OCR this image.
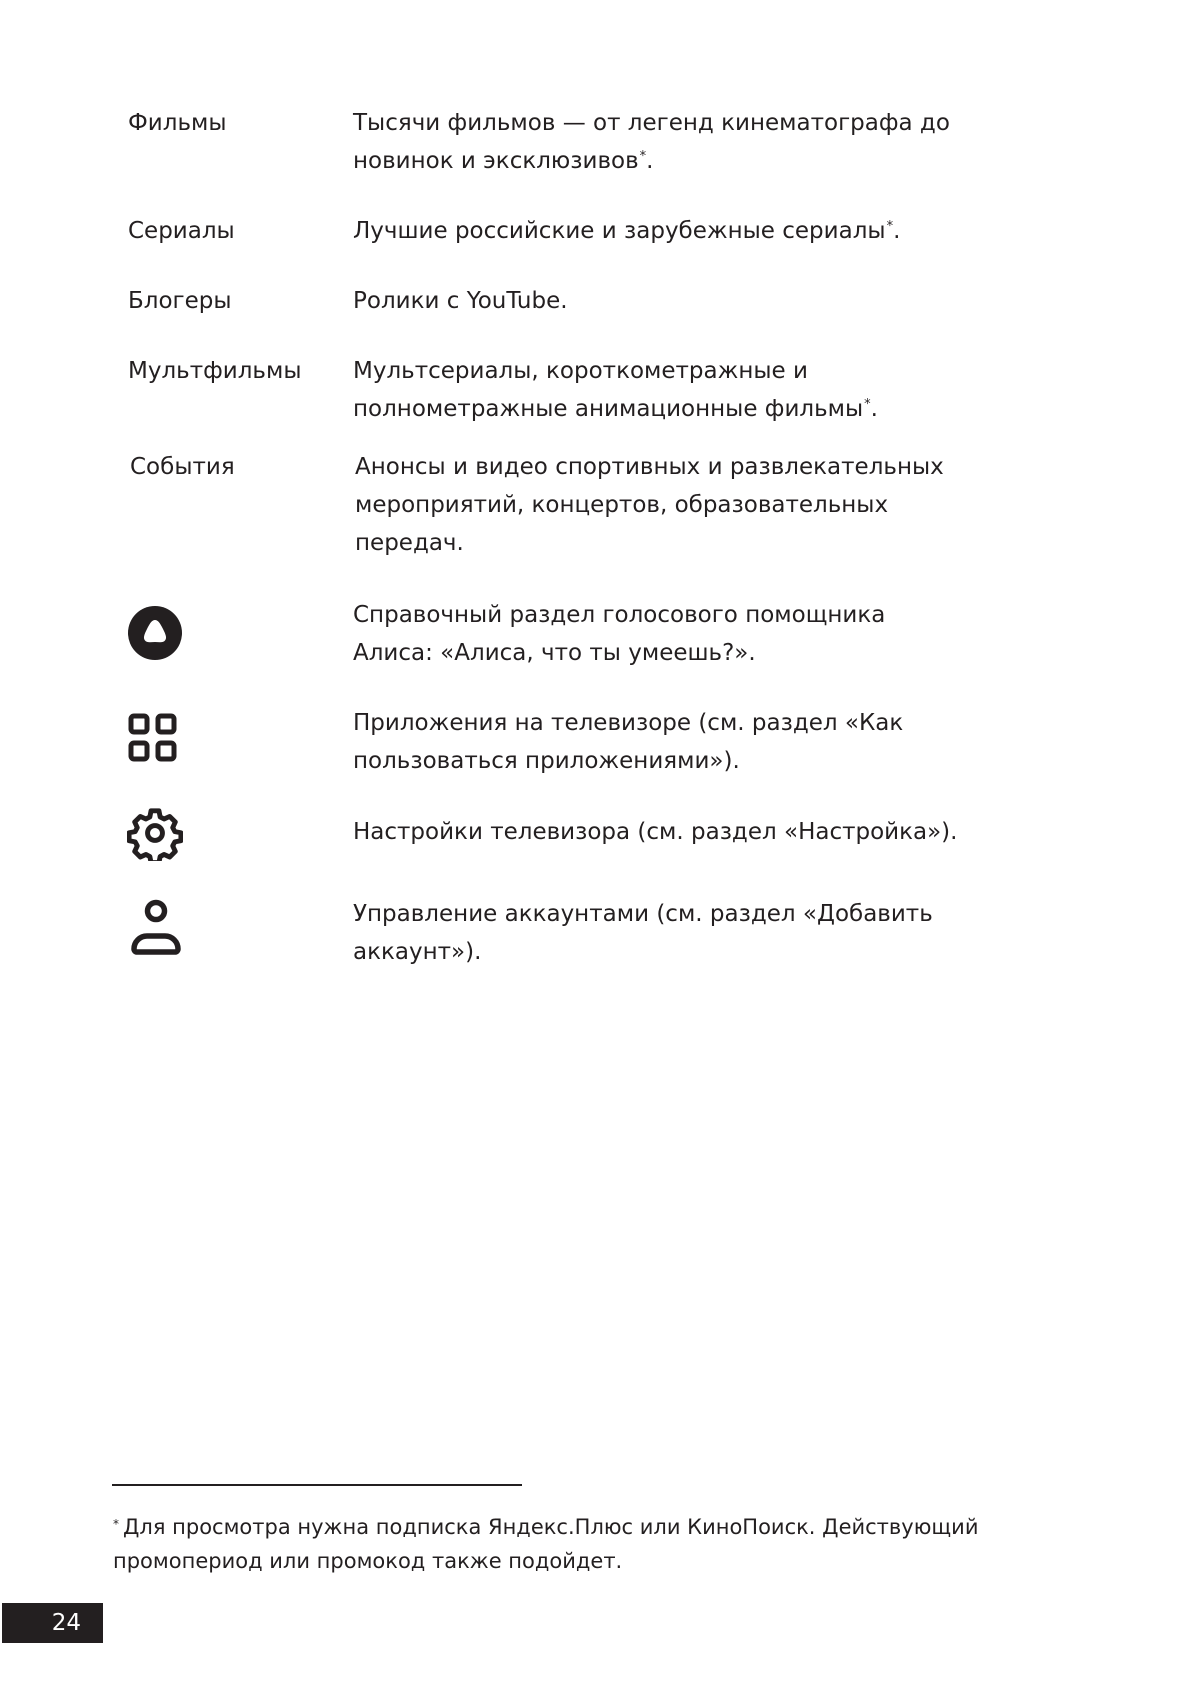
Фильмы	Тысячи фильмов — от легенд кинематографа до
новинок и эксклюзивов*.
Сериалы	Лучшие российские и зарубежные сериалы*.
Блогеры	Ролики с YouTube.
Мультфильмы	Мультсериалы, короткометражные и
полнометражные анимационные фильмы*.
События	Анонсы и видео спортивных и развлекательных
мероприятий, концертов, образовательных
передач.
Справочный раздел голосового помощника
Алиса: «Алиса, что ты умеешь?».
Приложения на телевизоре (см. раздел «Как
пользоваться приложениями»).
Настройки телевизора (см. раздел «Настройка»).
Управление аккаунтами (см. раздел «Добавить
аккаунт»).
* Для просмотра нужна подписка Яндекс.Плюс или КиноПоиск. Действующий
промопериод или промокод также подойдет.
24
